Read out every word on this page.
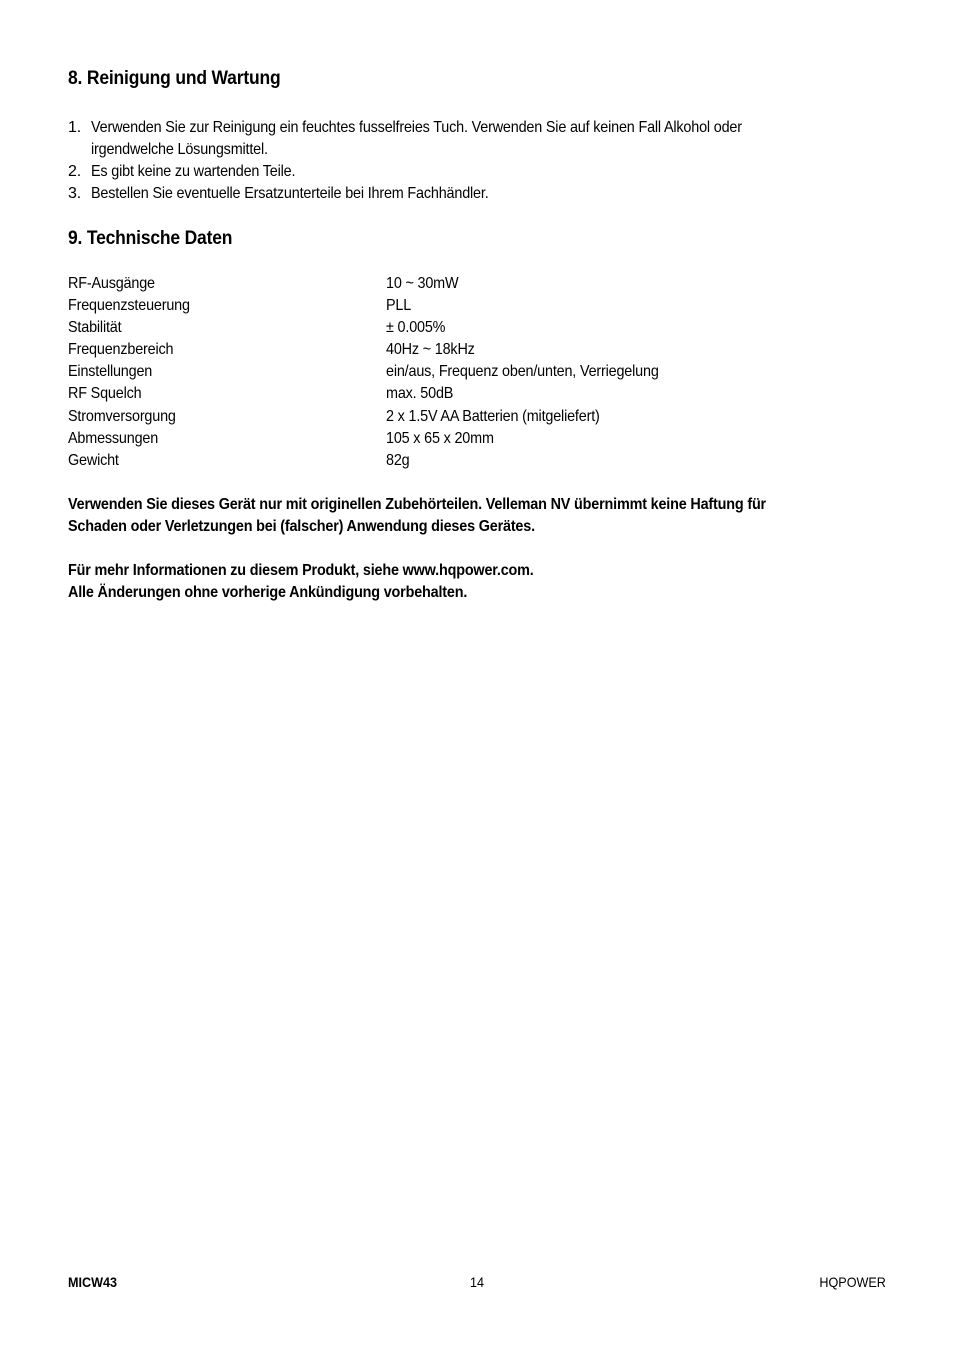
8. Reinigung und Wartung
1. Verwenden Sie zur Reinigung ein feuchtes fusselfreies Tuch. Verwenden Sie auf keinen Fall Alkohol oder
irgendwelche Lösungsmittel.
2. Es gibt keine zu wartenden Teile.
3. Bestellen Sie eventuelle Ersatzunterteile bei Ihrem Fachhändler.
9. Technische Daten
RF-Ausgänge	10 ~ 30mW
Frequenzsteuerung	PLL
Stabilität	± 0.005%
Frequenzbereich	40Hz ~ 18kHz
Einstellungen	ein/aus, Frequenz oben/unten, Verriegelung
RF Squelch	max. 50dB
Stromversorgung	2 x 1.5V AA Batterien (mitgeliefert)
Abmessungen	105 x 65 x 20mm
Gewicht	82g
Verwenden Sie dieses Gerät nur mit originellen Zubehörteilen. Velleman NV übernimmt keine Haftung für
Schaden oder Verletzungen bei (falscher) Anwendung dieses Gerätes.
Für mehr Informationen zu diesem Produkt, siehe www.hqpower.com.
Alle Änderungen ohne vorherige Ankündigung vorbehalten.
MICW43	14	HQPOWER
